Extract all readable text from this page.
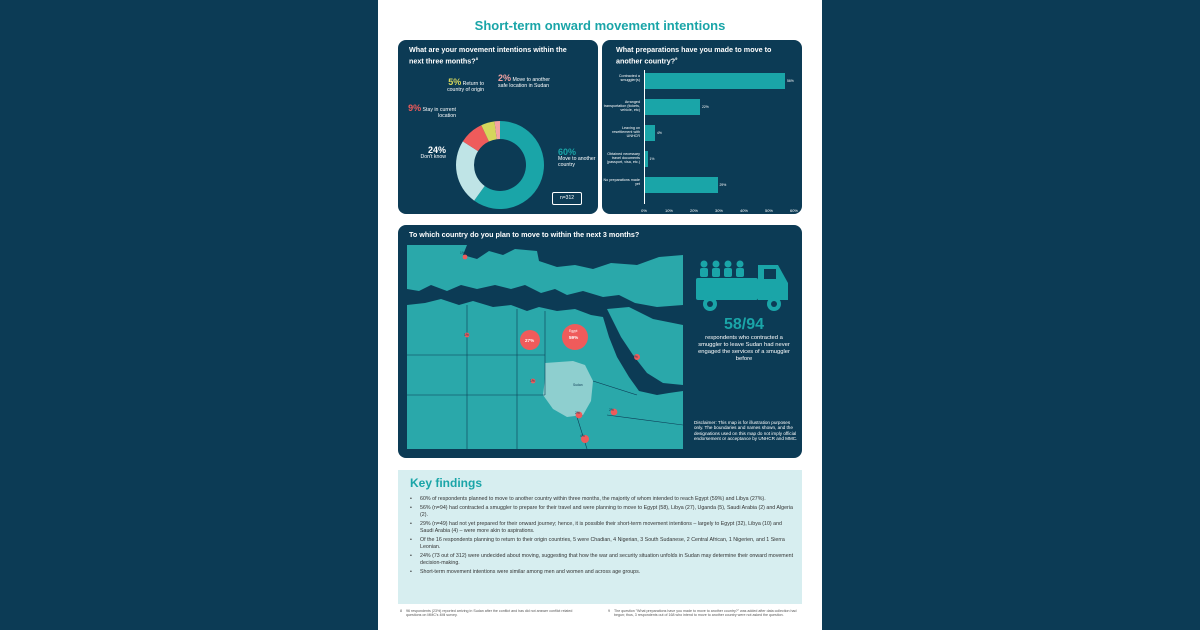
Short-term onward movement intentions
What are your movement intentions within the next three months?$^8$
60%
Move to another country
24%
Don't know
9% Stay in current location
5% Return to country of origin
2% Move to another safe location in Sudan
n=312
What preparations have you made to move to another country?$^9$
Contracted a smuggler(s)	56%
Arranged transportation (tickets, vehicle, etc)
22%
Leaving on resettlement with UNHCR
4%
Obtained necessary travel documents (passport, visa, etc.)
1%
No preparations made yet	29%
0%	10%	20%	30%	40%	50%	60%
To which country do you plan to move to within the next 3 months?
59%
Egypt
27%
2%
1%
1%
Sudan
2%
2%
4%
1%
58/94
respondents who contracted a smuggler to leave Sudan had never engaged the services of a smuggler before
Disclaimer: This map is for illustration purposes only. The boundaries and names shown, and the designations used on this map do not imply official endorsement or acceptance by UNHCR and MMC.
Key findings
• 60% of respondents planned to move to another country within three months, the majority of whom intended to reach Egypt (59%) and Libya (27%).
• 56% (n=94) had contracted a smuggler to prepare for their travel and were planning to move to Egypt (58), Libya (27), Uganda (5), Saudi Arabia (2) and Algeria (2).
• 29% (n=49) had not yet prepared for their onward journey; hence, it is possible their short-term movement intentions – largely to Egypt (32), Libya (10) and Saudi Arabia (4) – were more akin to aspirations.
• Of the 16 respondents planning to return to their origin countries, 5 were Chadian, 4 Nigerian, 3 South Sudanese, 2 Central African, 1 Nigerien, and 1 Sierra Leonian.
• 24% (73 out of 312) were undecided about moving, suggesting that how the war and security situation unfolds in Sudan may determine their onward movement decision-making.
• Short-term movement intentions were similar among men and women and across age groups.
8 96 respondents (23%) reported arriving in Sudan after the conflict and has did not answer conflict related questions on MMC's 4Mi survey.
9 The question "What preparations have you made to move to another country?" was added after data collection had begun; thus, 3 respondents out of 168 who intend to move to another country were not asked the question.
